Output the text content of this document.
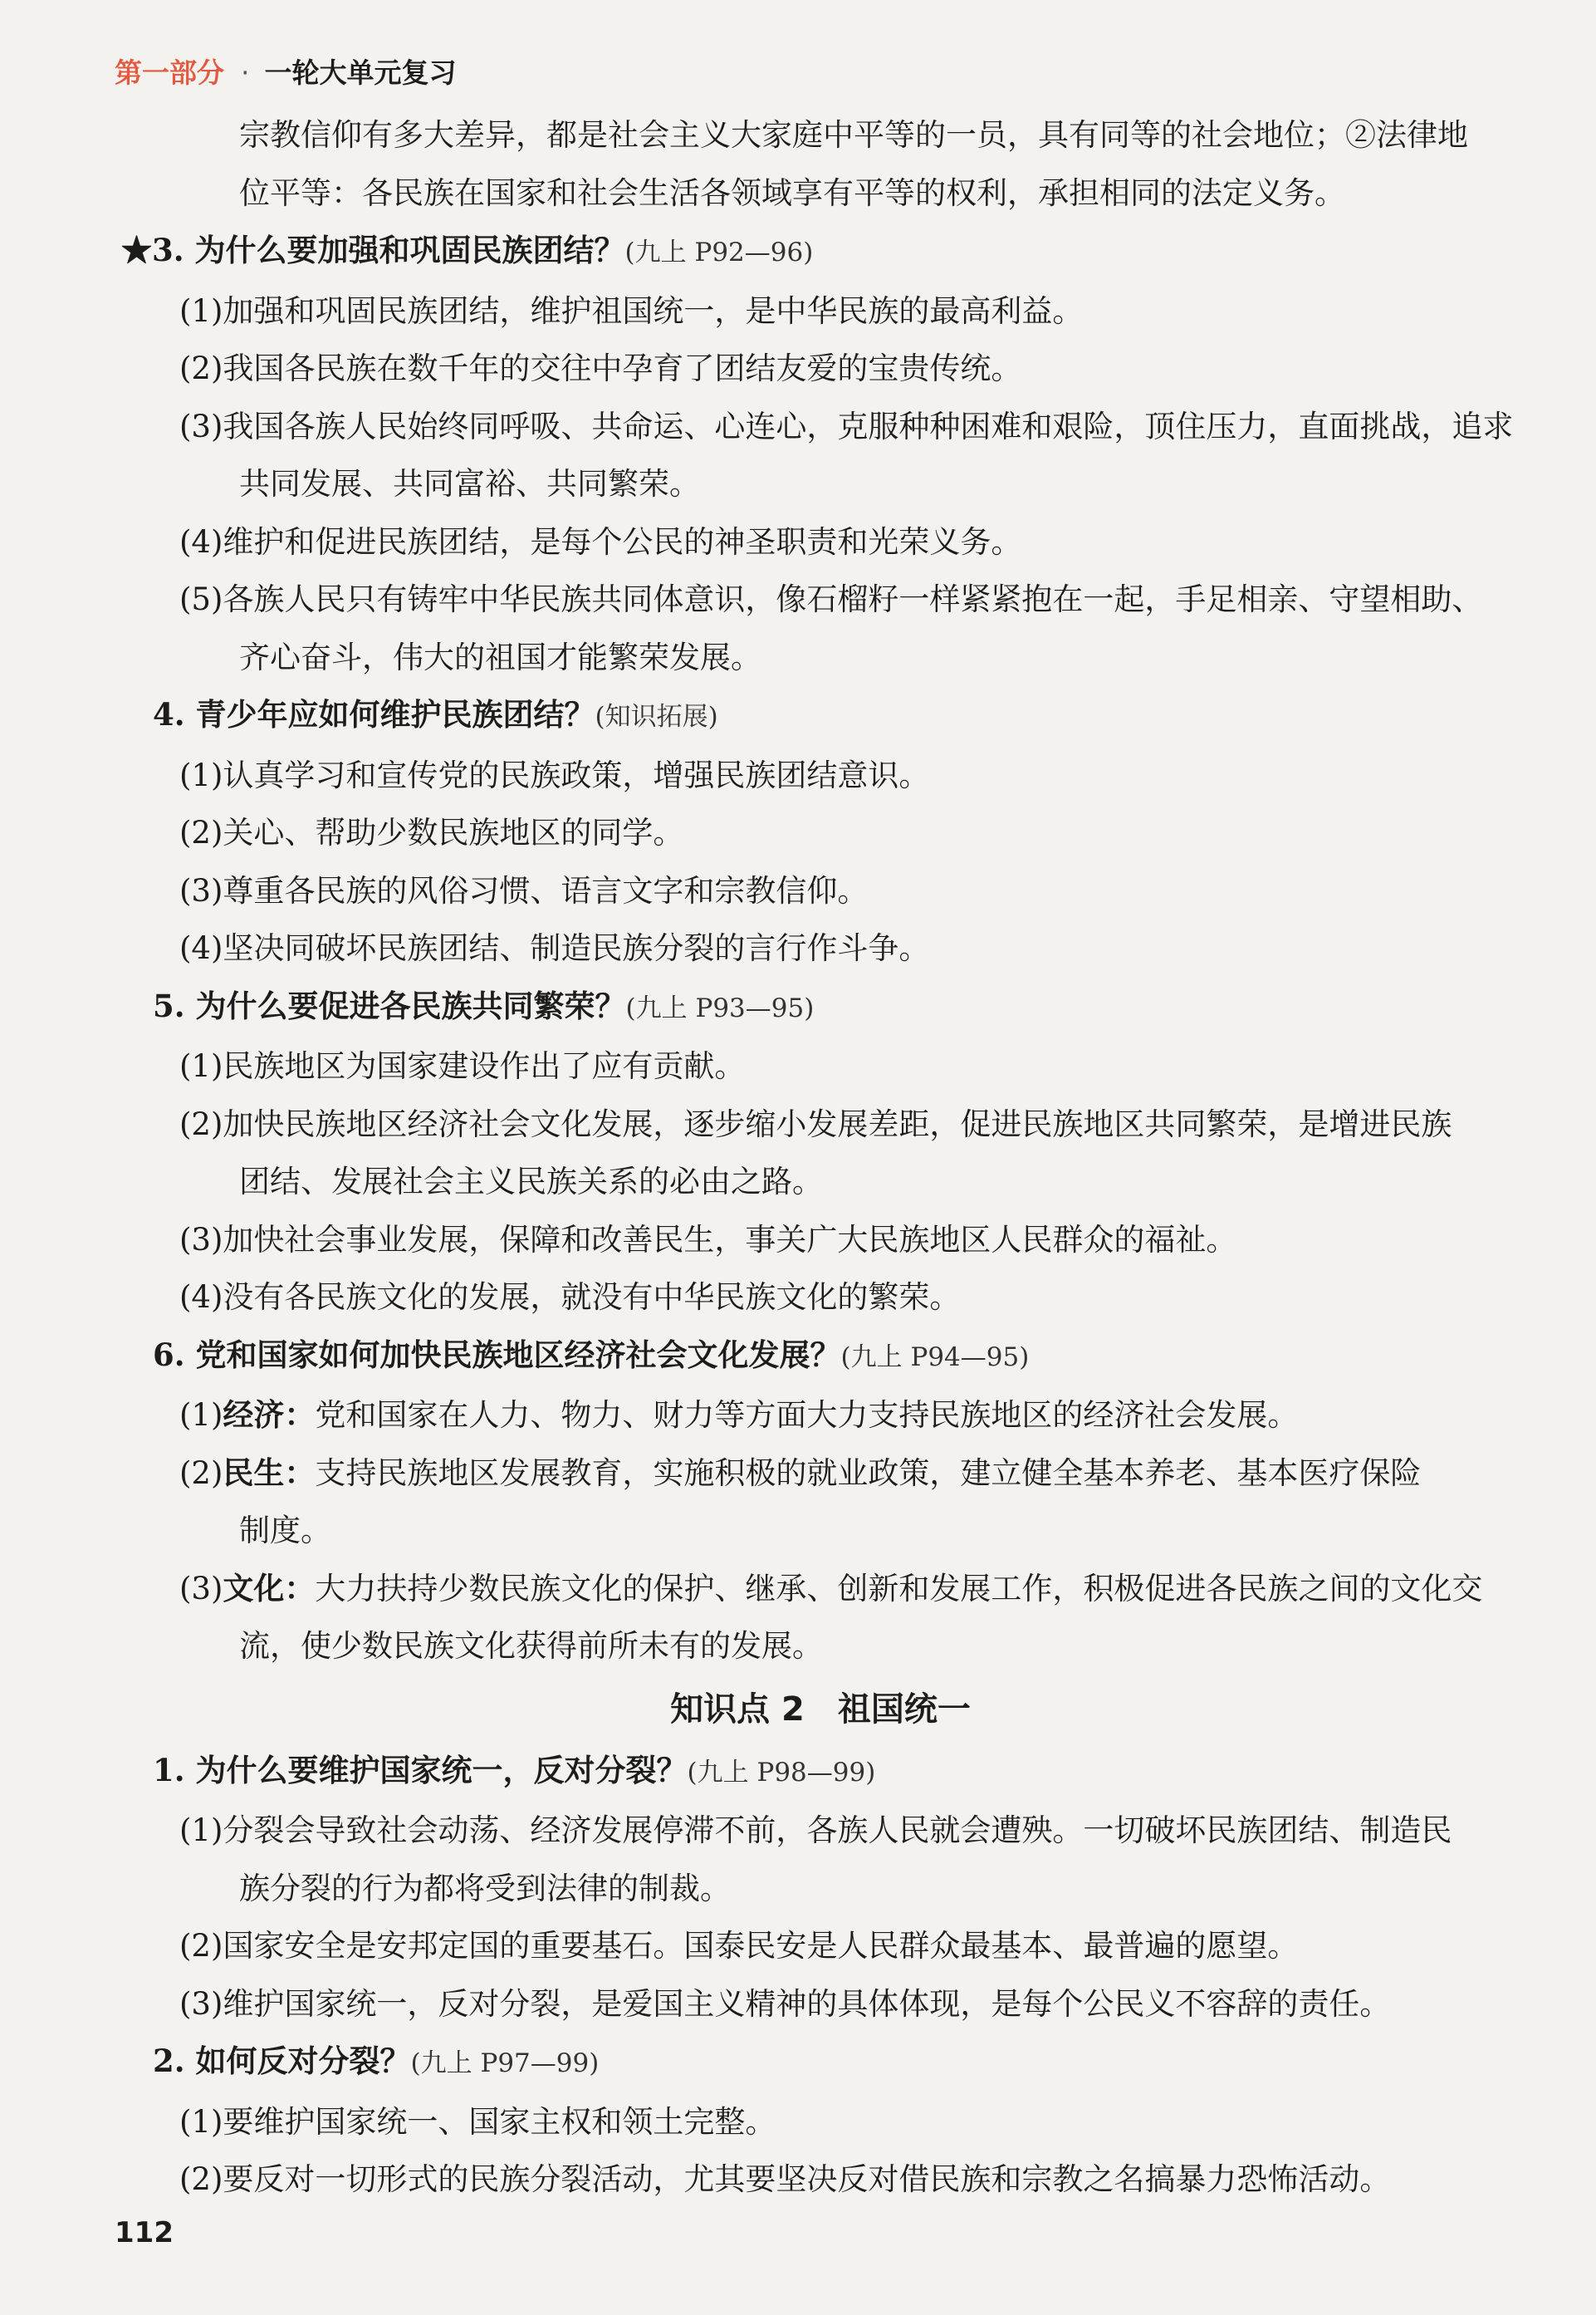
第一部分 · 一轮大单元复习
宗教信仰有多大差异，都是社会主义大家庭中平等的一员，具有同等的社会地位；②法律地
位平等：各民族在国家和社会生活各领域享有平等的权利，承担相同的法定义务。
★3. 为什么要加强和巩固民族团结？(九上 P92—96)
(1)加强和巩固民族团结，维护祖国统一，是中华民族的最高利益。
(2)我国各民族在数千年的交往中孕育了团结友爱的宝贵传统。
(3)我国各族人民始终同呼吸、共命运、心连心，克服种种困难和艰险，顶住压力，直面挑战，追求
共同发展、共同富裕、共同繁荣。
(4)维护和促进民族团结，是每个公民的神圣职责和光荣义务。
(5)各族人民只有铸牢中华民族共同体意识，像石榴籽一样紧紧抱在一起，手足相亲、守望相助、
齐心奋斗，伟大的祖国才能繁荣发展。
4. 青少年应如何维护民族团结？(知识拓展)
(1)认真学习和宣传党的民族政策，增强民族团结意识。
(2)关心、帮助少数民族地区的同学。
(3)尊重各民族的风俗习惯、语言文字和宗教信仰。
(4)坚决同破坏民族团结、制造民族分裂的言行作斗争。
5. 为什么要促进各民族共同繁荣？(九上 P93—95)
(1)民族地区为国家建设作出了应有贡献。
(2)加快民族地区经济社会文化发展，逐步缩小发展差距，促进民族地区共同繁荣，是增进民族
团结、发展社会主义民族关系的必由之路。
(3)加快社会事业发展，保障和改善民生，事关广大民族地区人民群众的福祉。
(4)没有各民族文化的发展，就没有中华民族文化的繁荣。
6. 党和国家如何加快民族地区经济社会文化发展？(九上 P94—95)
(1)经济：党和国家在人力、物力、财力等方面大力支持民族地区的经济社会发展。
(2)民生：支持民族地区发展教育，实施积极的就业政策，建立健全基本养老、基本医疗保险
制度。
(3)文化：大力扶持少数民族文化的保护、继承、创新和发展工作，积极促进各民族之间的文化交
流，使少数民族文化获得前所未有的发展。
知识点 2　祖国统一
1. 为什么要维护国家统一，反对分裂？(九上 P98—99)
(1)分裂会导致社会动荡、经济发展停滞不前，各族人民就会遭殃。一切破坏民族团结、制造民
族分裂的行为都将受到法律的制裁。
(2)国家安全是安邦定国的重要基石。国泰民安是人民群众最基本、最普遍的愿望。
(3)维护国家统一，反对分裂，是爱国主义精神的具体体现，是每个公民义不容辞的责任。
2. 如何反对分裂？(九上 P97—99)
(1)要维护国家统一、国家主权和领土完整。
(2)要反对一切形式的民族分裂活动，尤其要坚决反对借民族和宗教之名搞暴力恐怖活动。
112
